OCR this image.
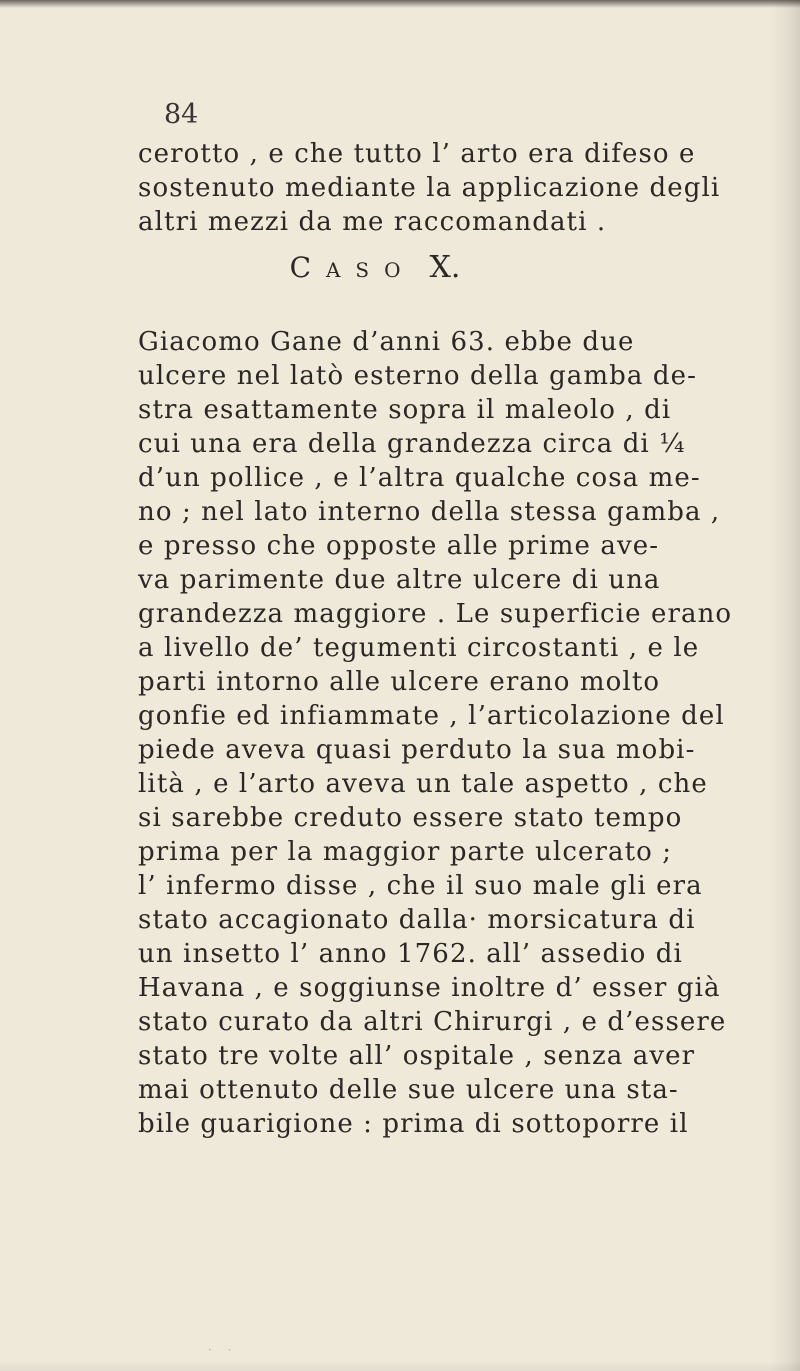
84
cerotto , e che tutto l’ arto era difeso e
sostenuto mediante la applicazione degli
altri mezzi da me raccomandati .
Caso X.
Giacomo Gane d’anni 63. ebbe due
ulcere nel latò esterno della gamba de-
stra esattamente sopra il maleolo , di
cui una era della grandezza circa di ¼
d’un pollice , e l’altra qualche cosa me-
no ; nel lato interno della stessa gamba ,
e presso che opposte alle prime ave-
va parimente due altre ulcere di una
grandezza maggiore . Le superficie erano
a livello de’ tegumenti circostanti , e le
parti intorno alle ulcere erano molto
gonfie ed infiammate , l’articolazione del
piede aveva quasi perduto la sua mobi-
lità , e l’arto aveva un tale aspetto , che
si sarebbe creduto essere stato tempo
prima per la maggior parte ulcerato ;
l’ infermo disse , che il suo male gli era
stato accagionato dalla· morsicatura di
un insetto l’ anno 1762. all’ assedio di
Havana , e soggiunse inoltre d’ esser già
stato curato da altri Chirurgi , e d’essere
stato tre volte all’ ospitale , senza aver
mai ottenuto delle sue ulcere una sta-
bile guarigione : prima di sottoporre il
· ·
